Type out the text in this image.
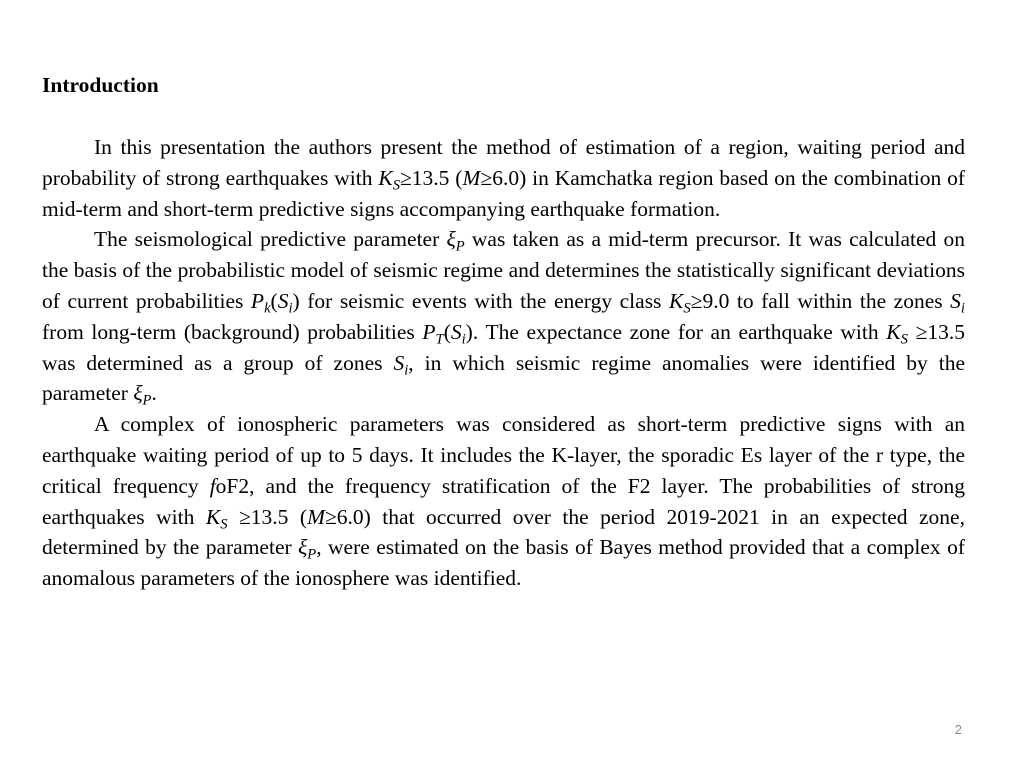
Introduction

In this presentation the authors present the method of estimation of a region, waiting period and probability of strong earthquakes with $K_S\ge 13.5$ (M≥6.0) in Kamchatka region based on the combination of mid-term and short-term predictive signs accompanying earthquake formation.

The seismological predictive parameter $\xi_P$ was taken as a mid-term precursor. It was calculated on the basis of the probabilistic model of seismic regime and determines the statistically significant deviations of current probabilities $P_k(S_i)$ for seismic events with the energy class $K_S\ge 9.0$ to fall within the zones $S_i$ from long-term (background) probabilities $P_T(S_i)$. The expectance zone for an earthquake with $K_S \ge 13.5$ was determined as a group of zones $S_i$, in which seismic regime anomalies were identified by the parameter $\xi_P$.

A complex of ionospheric parameters was considered as short-term predictive signs with an earthquake waiting period of up to 5 days. It includes the K-layer, the sporadic Es layer of the r type, the critical frequency foF2, and the frequency stratification of the F2 layer. The probabilities of strong earthquakes with $K_S \ge 13.5$ (M≥6.0) that occurred over the period 2019-2021 in an expected zone, determined by the parameter $\xi_P$, were estimated on the basis of Bayes method provided that a complex of anomalous parameters of the ionosphere was identified.

2
